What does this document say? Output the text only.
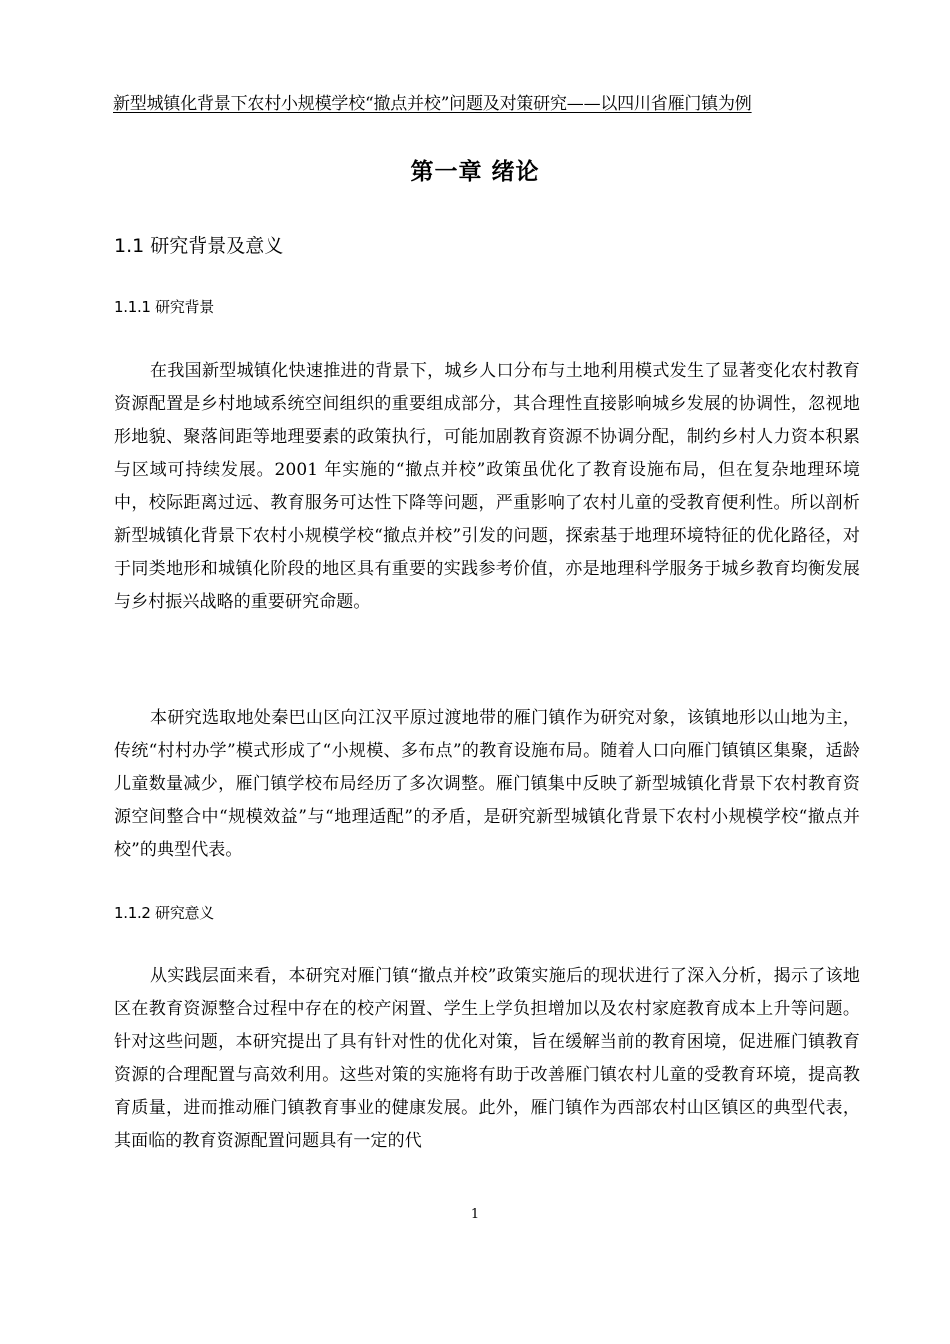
新型城镇化背景下农村小规模学校“撤点并校”问题及对策研究——以四川省雁门镇为例
第一章 绪论
1.1 研究背景及意义
1.1.1 研究背景

在我国新型城镇化快速推进的背景下，城乡人口分布与土地利用模式发生了显著变化农村教育资源配置是乡村地域系统空间组织的重要组成部分，其合理性直接影响城乡发展的协调性，忽视地形地貌、聚落间距等地理要素的政策执行，可能加剧教育资源不协调分配，制约乡村人力资本积累与区域可持续发展。2001 年实施的“撤点并校”政策虽优化了教育设施布局，但在复杂地理环境中，校际距离过远、教育服务可达性下降等问题，严重影响了农村儿童的受教育便利性。所以剖析新型城镇化背景下农村小规模学校“撤点并校”引发的问题，探索基于地理环境特征的优化路径，对于同类地形和城镇化阶段的地区具有重要的实践参考价值，亦是地理科学服务于城乡教育均衡发展与乡村振兴战略的重要研究命题。

本研究选取地处秦巴山区向江汉平原过渡地带的雁门镇作为研究对象，该镇地形以山地为主，传统“村村办学”模式形成了“小规模、多布点”的教育设施布局。随着人口向雁门镇镇区集聚，适龄儿童数量减少，雁门镇学校布局经历了多次调整。雁门镇集中反映了新型城镇化背景下农村教育资源空间整合中“规模效益”与“地理适配”的矛盾，是研究新型城镇化背景下农村小规模学校“撤点并校”的典型代表。

1.1.2 研究意义

从实践层面来看，本研究对雁门镇“撤点并校”政策实施后的现状进行了深入分析，揭示了该地区在教育资源整合过程中存在的校产闲置、学生上学负担增加以及农村家庭教育成本上升等问题。针对这些问题，本研究提出了具有针对性的优化对策，旨在缓解当前的教育困境，促进雁门镇教育资源的合理配置与高效利用。这些对策的实施将有助于改善雁门镇农村儿童的受教育环境，提高教育质量，进而推动雁门镇教育事业的健康发展。此外，雁门镇作为西部农村山区镇区的典型代表，其面临的教育资源配置问题具有一定的代

1
